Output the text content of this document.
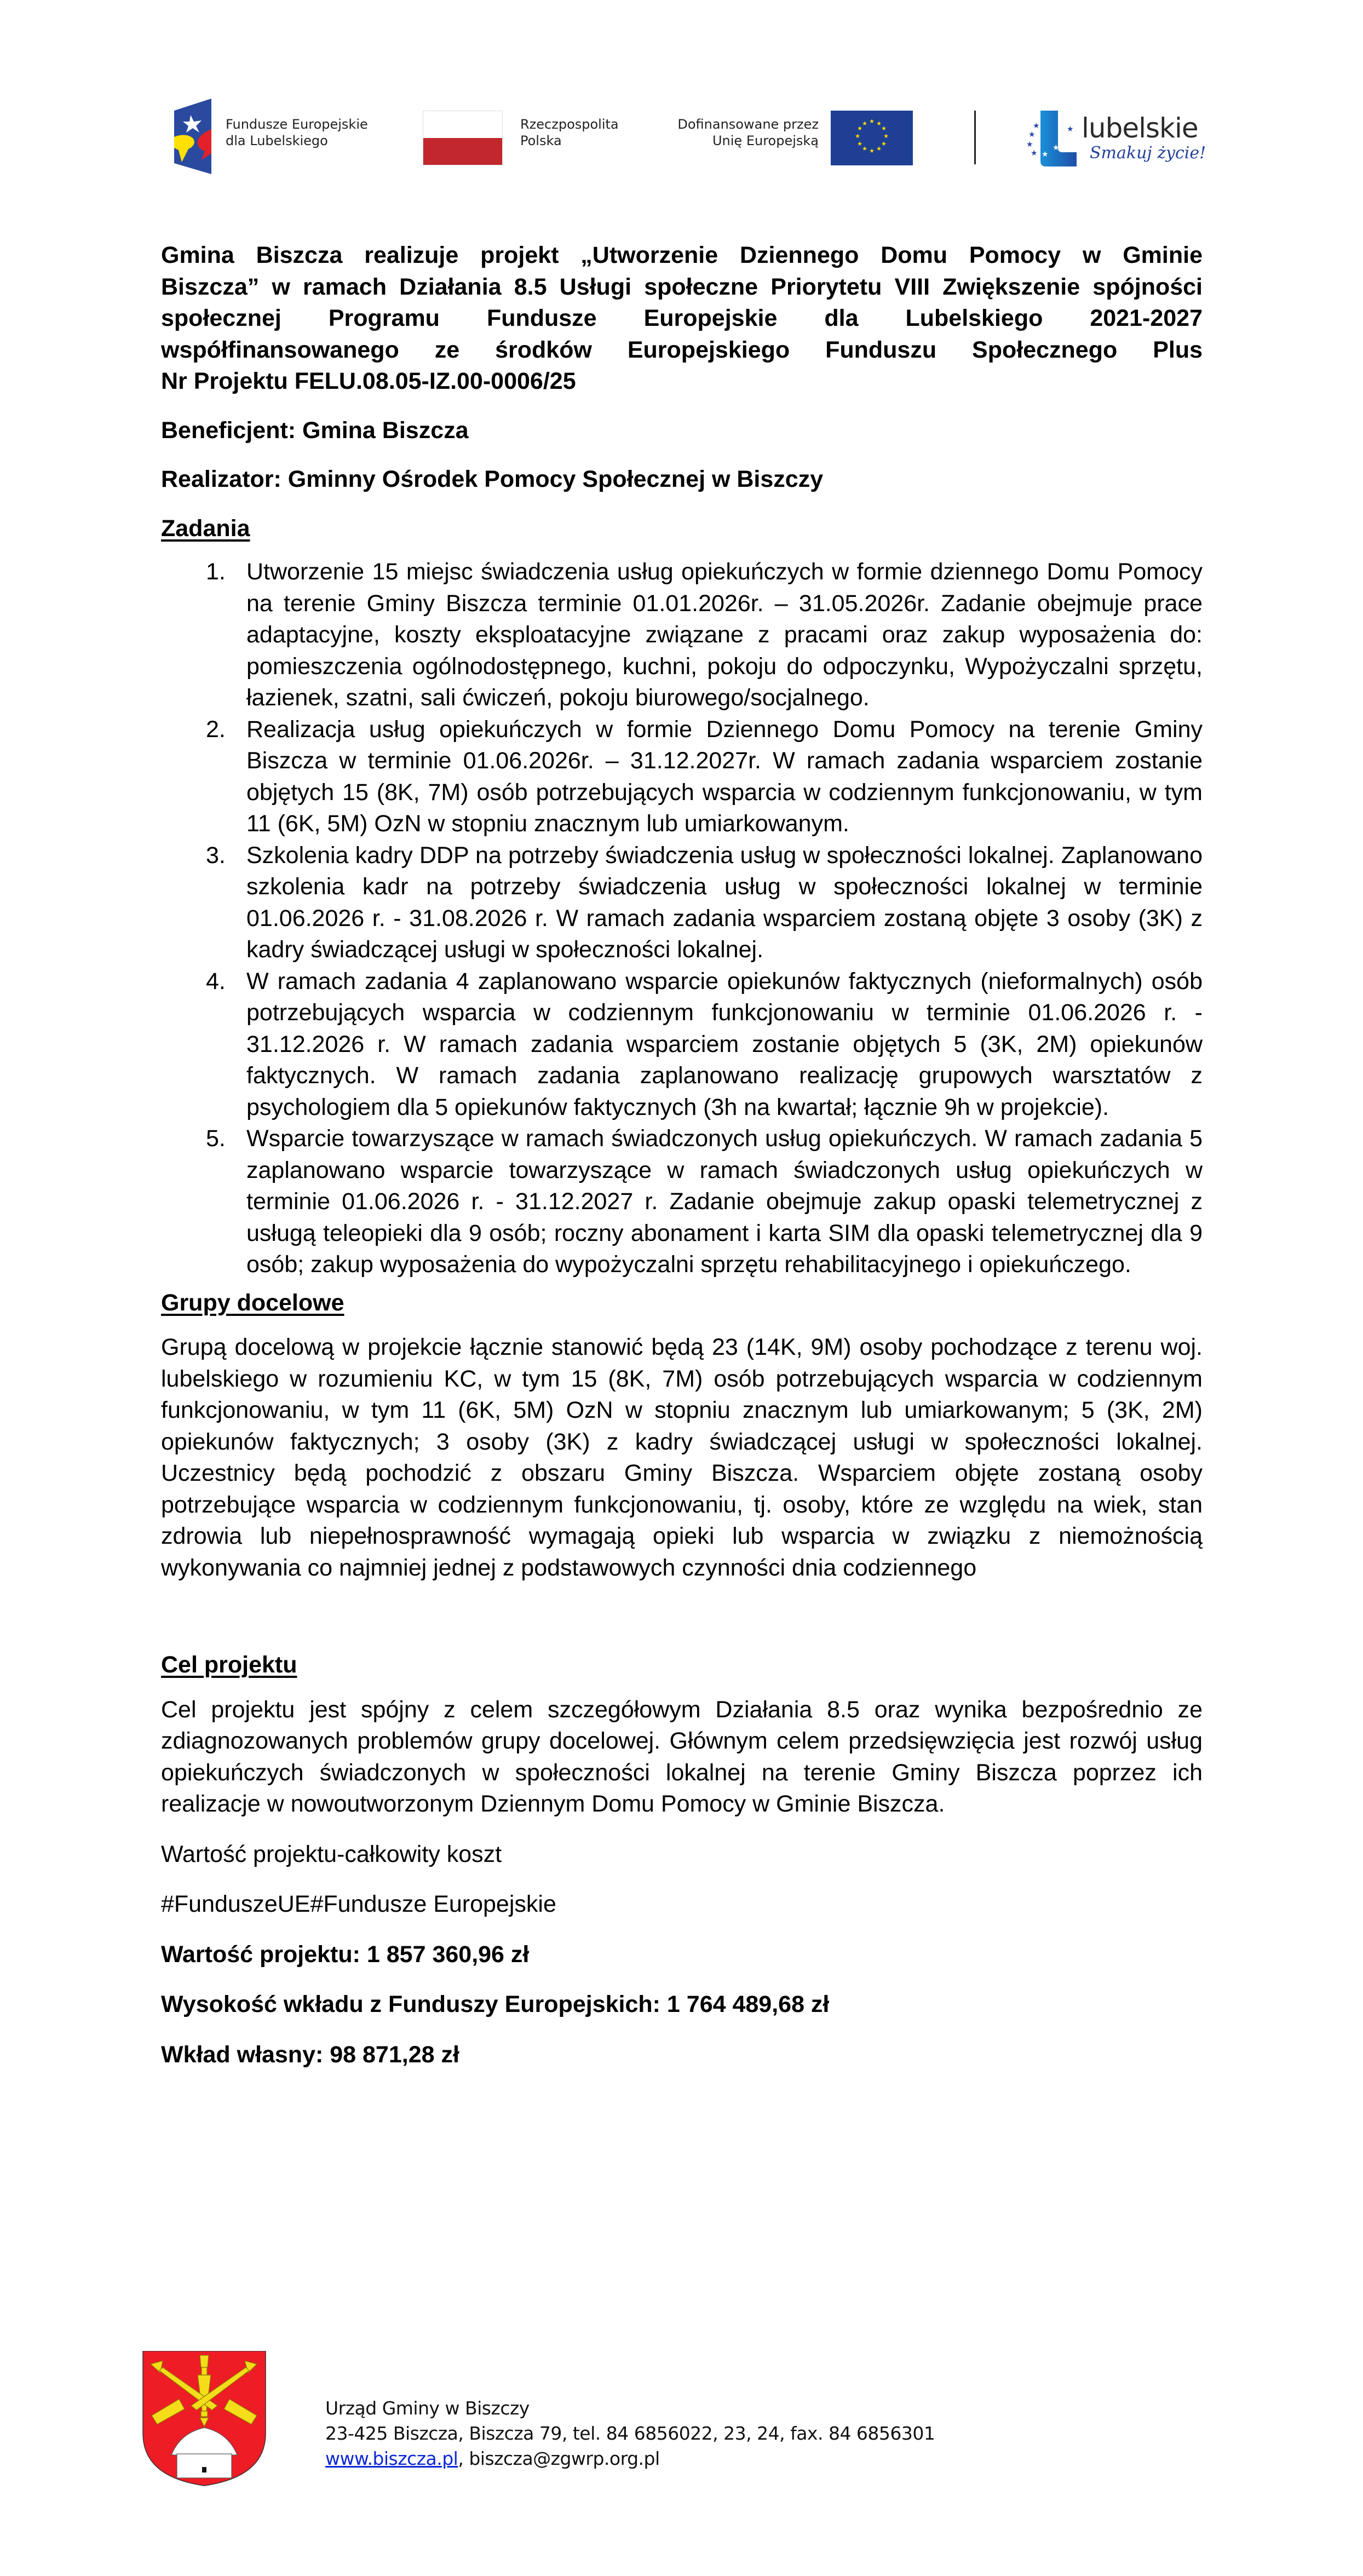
Fundusze Europejskie
dla Lubelskiego
Rzeczpospolita
Polska
Dofinansowane przez
Unię Europejską
★ ★
★
★
★
★
★
★
★
★
★
★	★
★
★
★
★
★
★
lubelskie
Smakuj życie!
Gmina Biszcza realizuje projekt „Utworzenie Dziennego Domu Pomocy w Gminie
Biszcza” w ramach Działania 8.5 Usługi społeczne Priorytetu VIII Zwiększenie spójności
społecznej Programu Fundusze Europejskie dla Lubelskiego 2021-2027
współfinansowanego ze środków Europejskiego Funduszu Społecznego Plus
Nr Projektu FELU.08.05-IZ.00-0006/25

Beneficjent: Gmina Biszcza

Realizator: Gminny Ośrodek Pomocy Społecznej w Biszczy

Zadania

1. Utworzenie 15 miejsc świadczenia usług opiekuńczych w formie dziennego Domu Pomocy na terenie Gminy Biszcza terminie 01.01.2026r. – 31.05.2026r. Zadanie obejmuje prace adaptacyjne, koszty eksploatacyjne związane z pracami oraz zakup wyposażenia do: pomieszczenia ogólnodostępnego, kuchni, pokoju do odpoczynku, Wypożyczalni sprzętu, łazienek, szatni, sali ćwiczeń, pokoju biurowego/socjalnego.
2. Realizacja usług opiekuńczych w formie Dziennego Domu Pomocy na terenie Gminy Biszcza w terminie 01.06.2026r. – 31.12.2027r. W ramach zadania wsparciem zostanie objętych 15 (8K, 7M) osób potrzebujących wsparcia w codziennym funkcjonowaniu, w tym 11 (6K, 5M) OzN w stopniu znacznym lub umiarkowanym.
3. Szkolenia kadry DDP na potrzeby świadczenia usług w społeczności lokalnej. Zaplanowano szkolenia kadr na potrzeby świadczenia usług w społeczności lokalnej w terminie 01.06.2026 r. - 31.08.2026 r. W ramach zadania wsparciem zostaną objęte 3 osoby (3K) z kadry świadczącej usługi w społeczności lokalnej.
4. W ramach zadania 4 zaplanowano wsparcie opiekunów faktycznych (nieformalnych) osób potrzebujących wsparcia w codziennym funkcjonowaniu w terminie 01.06.2026 r. - 31.12.2026 r. W ramach zadania wsparciem zostanie objętych 5 (3K, 2M) opiekunów faktycznych. W ramach zadania zaplanowano realizację grupowych warsztatów z psychologiem dla 5 opiekunów faktycznych (3h na kwartał; łącznie 9h w projekcie).
5. Wsparcie towarzyszące w ramach świadczonych usług opiekuńczych. W ramach zadania 5 zaplanowano wsparcie towarzyszące w ramach świadczonych usług opiekuńczych w terminie 01.06.2026 r. - 31.12.2027 r. Zadanie obejmuje zakup opaski telemetrycznej z usługą teleopieki dla 9 osób; roczny abonament i karta SIM dla opaski telemetrycznej dla 9 osób; zakup wyposażenia do wypożyczalni sprzętu rehabilitacyjnego i opiekuńczego.

Grupy docelowe

Grupą docelową w projekcie łącznie stanowić będą 23 (14K, 9M) osoby pochodzące z terenu woj. lubelskiego w rozumieniu KC, w tym 15 (8K, 7M) osób potrzebujących wsparcia w codziennym funkcjonowaniu, w tym 11 (6K, 5M) OzN w stopniu znacznym lub umiarkowanym; 5 (3K, 2M) opiekunów faktycznych; 3 osoby (3K) z kadry świadczącej usługi w społeczności lokalnej. Uczestnicy będą pochodzić z obszaru Gminy Biszcza. Wsparciem objęte zostaną osoby potrzebujące wsparcia w codziennym funkcjonowaniu, tj. osoby, które ze względu na wiek, stan zdrowia lub niepełnosprawność wymagają opieki lub wsparcia w związku z niemożnością wykonywania co najmniej jednej z podstawowych czynności dnia codziennego

Cel projektu

Cel projektu jest spójny z celem szczegółowym Działania 8.5 oraz wynika bezpośrednio ze zdiagnozowanych problemów grupy docelowej. Głównym celem przedsięwzięcia jest rozwój usług opiekuńczych świadczonych w społeczności lokalnej na terenie Gminy Biszcza poprzez ich realizacje w nowoutworzonym Dziennym Domu Pomocy w Gminie Biszcza.

Wartość projektu-całkowity koszt

#FunduszeUE#Fundusze Europejskie

Wartość projektu: 1 857 360,96 zł

Wysokość wkładu z Funduszy Europejskich: 1 764 489,68 zł

Wkład własny: 98 871,28 zł

Urząd Gminy w Biszczy
23-425 Biszcza, Biszcza 79, tel. 84 6856022, 23, 24, fax. 84 6856301
www.biszcza.pl, biszcza@zgwrp.org.pl
